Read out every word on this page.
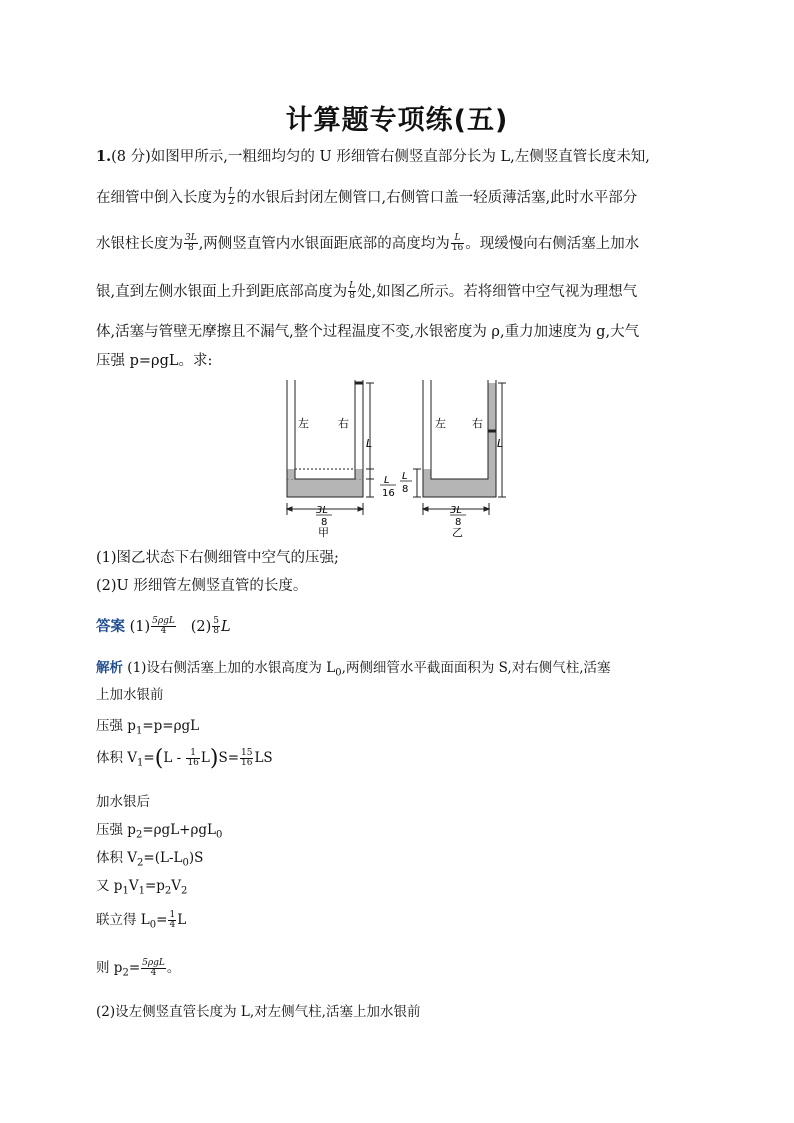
计算题专项练(五)
1.(8 分)如图甲所示,一粗细均匀的 U 形细管右侧竖直部分长为 L,左侧竖直管长度未知,
在细管中倒入长度为 $\frac{L}{2}$ 的水银后封闭左侧管口,右侧管口盖一轻质薄活塞,此时水平部分
水银柱长度为 $\frac{3L}{8}$ ,两侧竖直管内水银面距底部的高度均为 $\frac{L}{16}$ 。现缓慢向右侧活塞上加水
银,直到左侧水银面上升到距底部高度为 $\frac{L}{8}$ 处,如图乙所示。若将细管中空气视为理想气
体,活塞与管壁无摩擦且不漏气,整个过程温度不变,水银密度为 ρ,重力加速度为 g,大气
压强 p=ρgL。求:
左	右
L
L
16
3L
8
甲
左 右
L
L
8
3L
8
乙
(1)图乙状态下右侧细管中空气的压强;
(2)U 形细管左侧竖直管的长度。
答案 $(1) \frac{\text{5ρgL}}{4} (2) \frac{5}{8}$ L
解析 (1)设右侧活塞上加的水银高度为 $L_0$,两侧细管水平截面面积为 S,对右侧气柱,活塞
上加水银前
压强 $p_1=p=\rho gL$
体积 $V_1=(L - \frac{1}{16} L)S= \frac{15}{16}$ LS
加水银后
压强 $p_2=\rho gL+\rho gL_0$
体积 $V_2=(L-L_0)S$
又 $p_1V_1=p_2V_2$
联立得 $L_0= \frac{1}{4}$ L
则 $p_2= \frac{\text{5ρgL}}{4}$ 。
(2)设左侧竖直管长度为 L,对左侧气柱,活塞上加水银前
